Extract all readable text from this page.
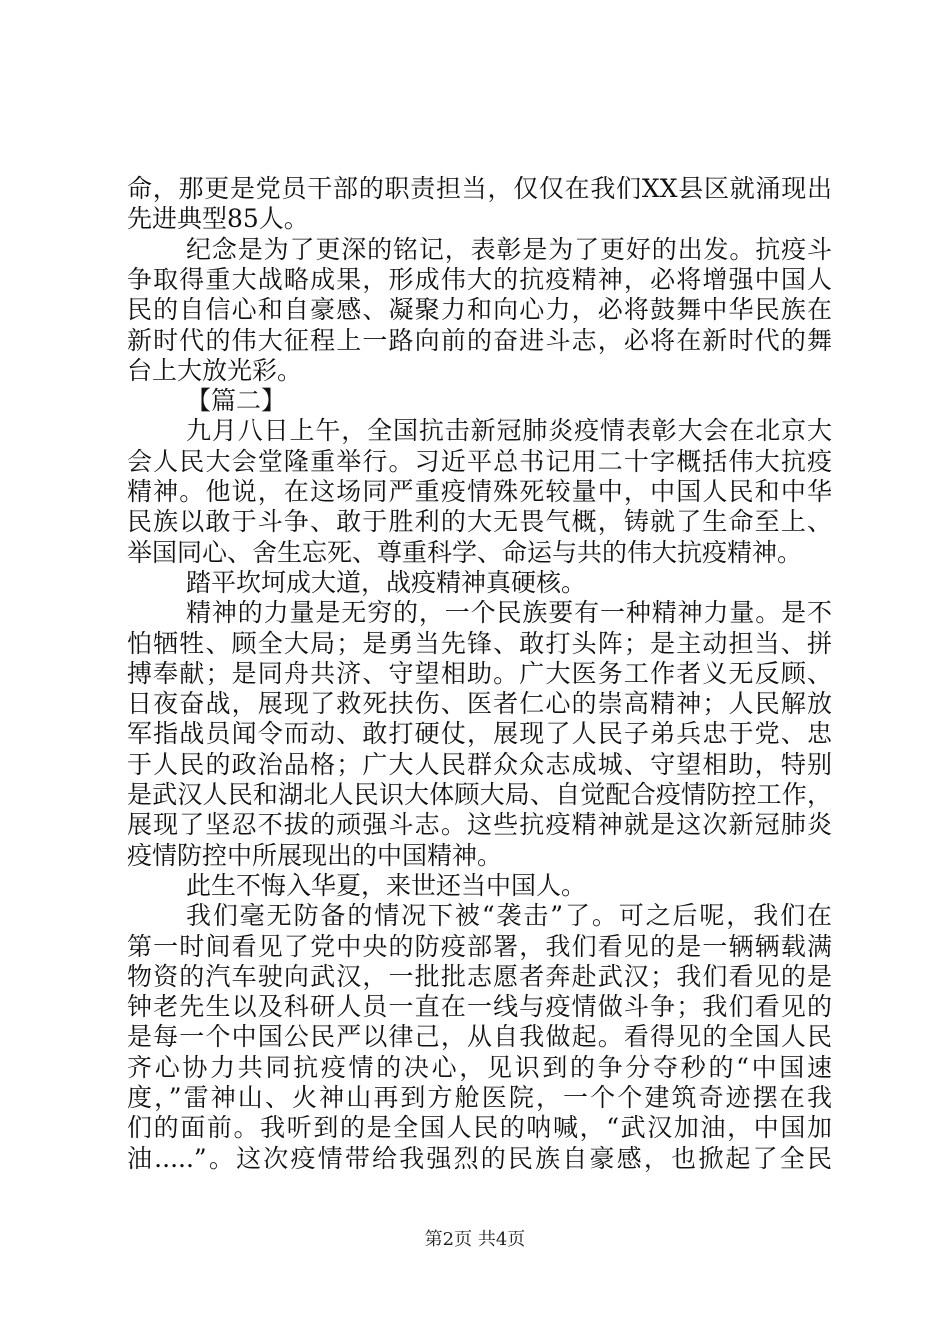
命，那更是党员干部的职责担当，仅仅在我们XX县区就涌现出
先进典型85人。
纪念是为了更深的铭记，表彰是为了更好的出发。抗疫斗
争取得重大战略成果，形成伟大的抗疫精神，必将增强中国人
民的自信心和自豪感、凝聚力和向心力，必将鼓舞中华民族在
新时代的伟大征程上一路向前的奋进斗志，必将在新时代的舞
台上大放光彩。
【篇二】
九月八日上午，全国抗击新冠肺炎疫情表彰大会在北京大
会人民大会堂隆重举行。习近平总书记用二十字概括伟大抗疫
精神。他说，在这场同严重疫情殊死较量中，中国人民和中华
民族以敢于斗争、敢于胜利的大无畏气概，铸就了生命至上、
举国同心、舍生忘死、尊重科学、命运与共的伟大抗疫精神。
踏平坎坷成大道，战疫精神真硬核。
精神的力量是无穷的，一个民族要有一种精神力量。是不
怕牺牲、顾全大局；是勇当先锋、敢打头阵；是主动担当、拼
搏奉献；是同舟共济、守望相助。广大医务工作者义无反顾、
日夜奋战，展现了救死扶伤、医者仁心的崇高精神；人民解放
军指战员闻令而动、敢打硬仗，展现了人民子弟兵忠于党、忠
于人民的政治品格；广大人民群众众志成城、守望相助，特别
是武汉人民和湖北人民识大体顾大局、自觉配合疫情防控工作，
展现了坚忍不拔的顽强斗志。这些抗疫精神就是这次新冠肺炎
疫情防控中所展现出的中国精神。
此生不悔入华夏，来世还当中国人。
我们毫无防备的情况下被“袭击”了。可之后呢，我们在
第一时间看见了党中央的防疫部署，我们看见的是一辆辆载满
物资的汽车驶向武汉，一批批志愿者奔赴武汉；我们看见的是
钟老先生以及科研人员一直在一线与疫情做斗争；我们看见的
是每一个中国公民严以律己，从自我做起。看得见的全国人民
齐心协力共同抗疫情的决心，见识到的争分夺秒的“中国速
度，”雷神山、火神山再到方舱医院，一个个建筑奇迹摆在我
们的面前。我听到的是全国人民的呐喊，“武汉加油，中国加
油.....”。这次疫情带给我强烈的民族自豪感，也掀起了全民
第2页 共4页
